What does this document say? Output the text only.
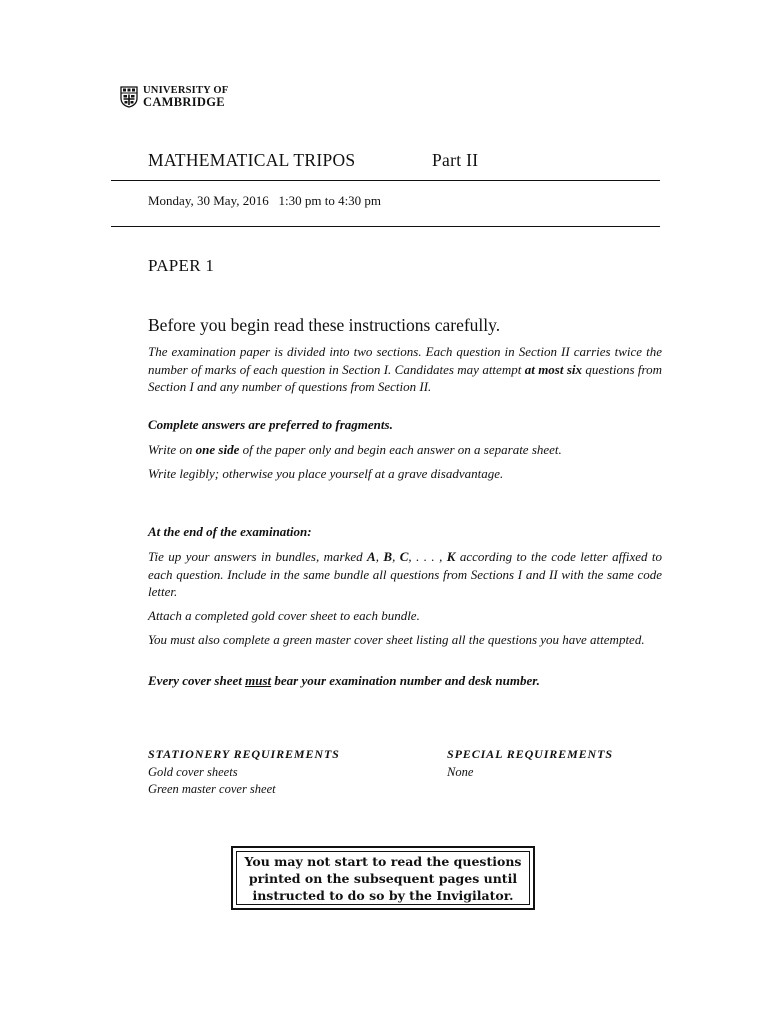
UNIVERSITY OF
CAMBRIDGE
MATHEMATICAL TRIPOS	Part II
Monday, 30 May, 2016 1:30 pm to 4:30 pm
PAPER 1
Before you begin read these instructions carefully.
The examination paper is divided into two sections. Each question in Section II carries twice the number of marks of each question in Section I. Candidates may attempt at most six questions from Section I and any number of questions from Section II.
Complete answers are preferred to fragments.
Write on one side of the paper only and begin each answer on a separate sheet.
Write legibly; otherwise you place yourself at a grave disadvantage.
At the end of the examination:
Tie up your answers in bundles, marked A, B, C, . . . , K according to the code letter affixed to each question. Include in the same bundle all questions from Sections I and II with the same code letter.
Attach a completed gold cover sheet to each bundle.
You must also complete a green master cover sheet listing all the questions you have attempted.
Every cover sheet must bear your examination number and desk number.
STATIONERY REQUIREMENTS	SPECIAL REQUIREMENTS
Gold cover sheets
Green master cover sheet
None
You may not start to read the questions
printed on the subsequent pages until
instructed to do so by the Invigilator.
